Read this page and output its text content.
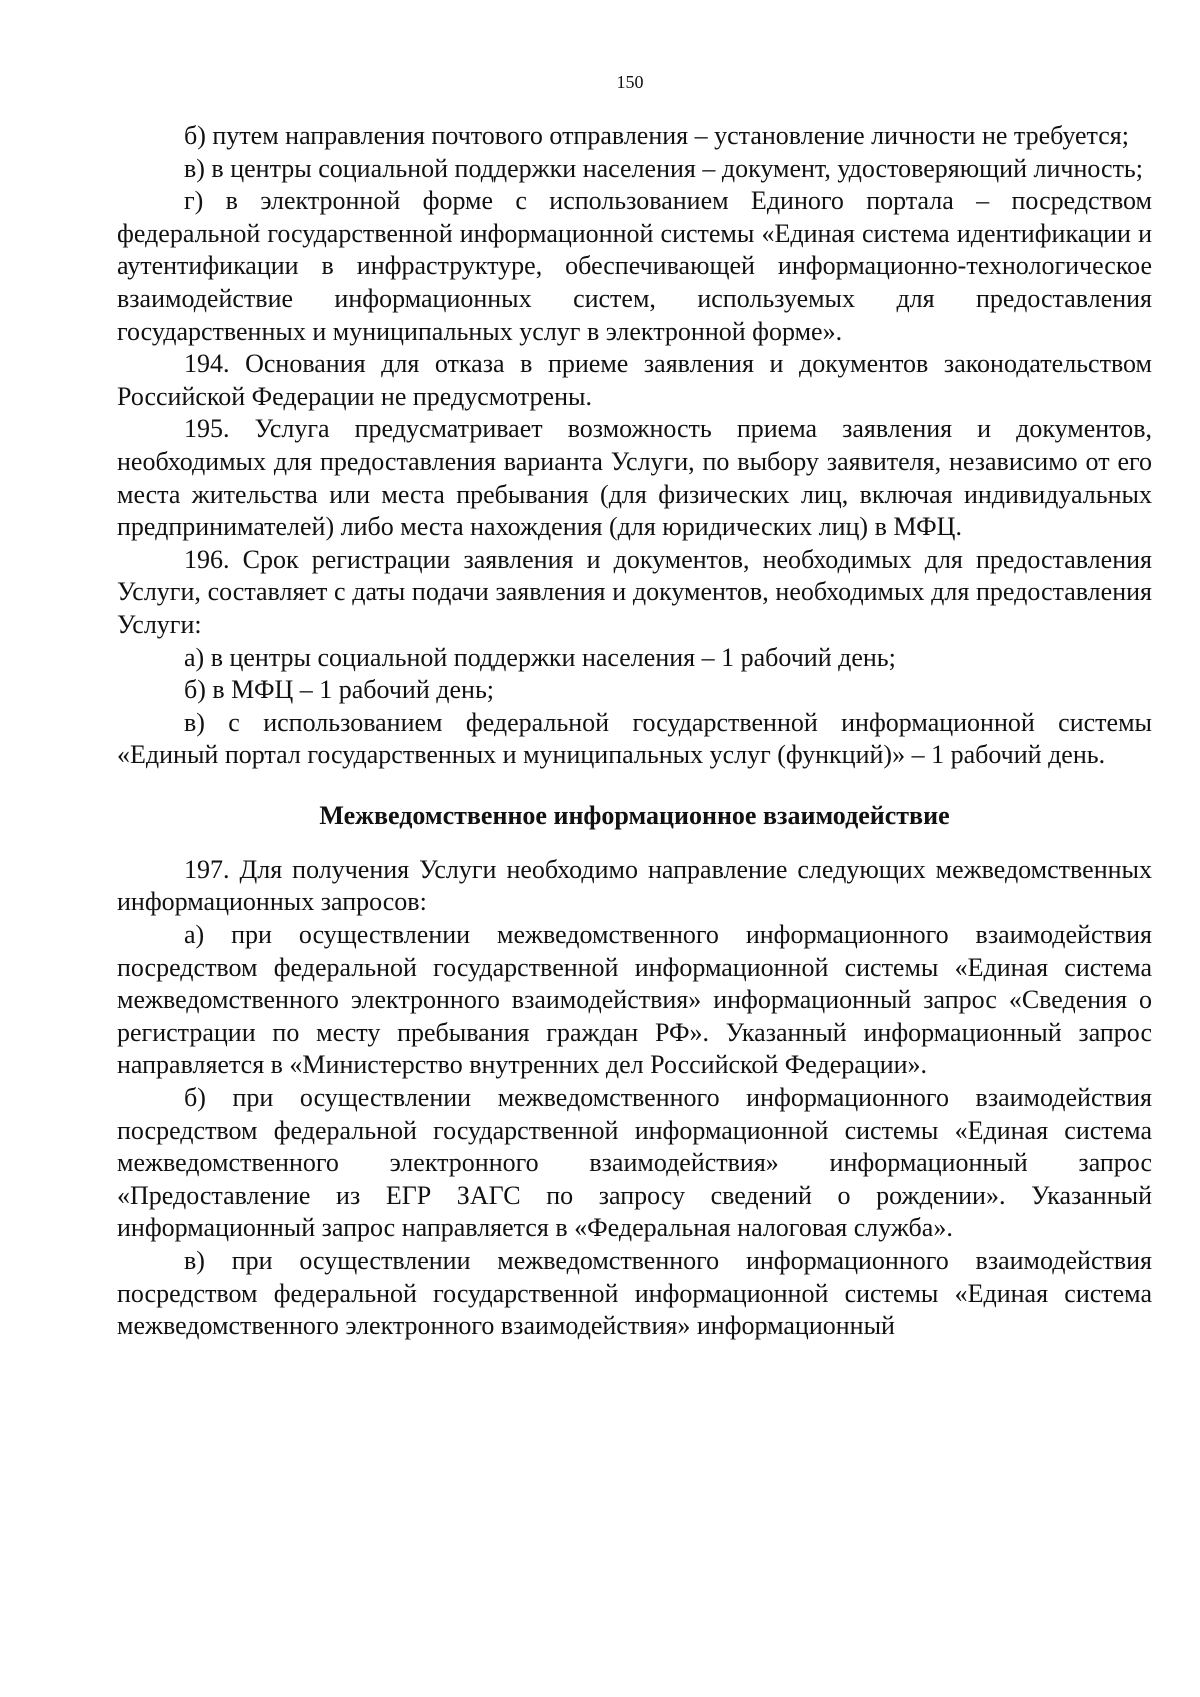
150

б) путем направления почтового отправления – установление личности не требуется;

в) в центры социальной поддержки населения – документ, удостоверяющий личность;

г) в электронной форме с использованием Единого портала – посредством федеральной государственной информационной системы «Единая система идентификации и аутентификации в инфраструктуре, обеспечивающей информационно-технологическое взаимодействие информационных систем, используемых для предоставления государственных и муниципальных услуг в электронной форме».

194. Основания для отказа в приеме заявления и документов законодательством Российской Федерации не предусмотрены.

195. Услуга предусматривает возможность приема заявления и документов, необходимых для предоставления варианта Услуги, по выбору заявителя, независимо от его места жительства или места пребывания (для физических лиц, включая индивидуальных предпринимателей) либо места нахождения (для юридических лиц) в МФЦ.

196. Срок регистрации заявления и документов, необходимых для предоставления Услуги, составляет с даты подачи заявления и документов, необходимых для предоставления Услуги:

а) в центры социальной поддержки населения – 1 рабочий день;

б) в МФЦ – 1 рабочий день;

в) с использованием федеральной государственной информационной системы «Единый портал государственных и муниципальных услуг (функций)» – 1 рабочий день.

Межведомственное информационное взаимодействие

197. Для получения Услуги необходимо направление следующих межведомственных информационных запросов:

а) при осуществлении межведомственного информационного взаимодействия посредством федеральной государственной информационной системы «Единая система межведомственного электронного взаимодействия» информационный запрос «Сведения о регистрации по месту пребывания граждан РФ». Указанный информационный запрос направляется в «Министерство внутренних дел Российской Федерации».

б) при осуществлении межведомственного информационного взаимодействия посредством федеральной государственной информационной системы «Единая система межведомственного электронного взаимодействия» информационный запрос «Предоставление из ЕГР ЗАГС по запросу сведений о рождении». Указанный информационный запрос направляется в «Федеральная налоговая служба».

в) при осуществлении межведомственного информационного взаимодействия посредством федеральной государственной информационной системы «Единая система межведомственного электронного взаимодействия» информационный
